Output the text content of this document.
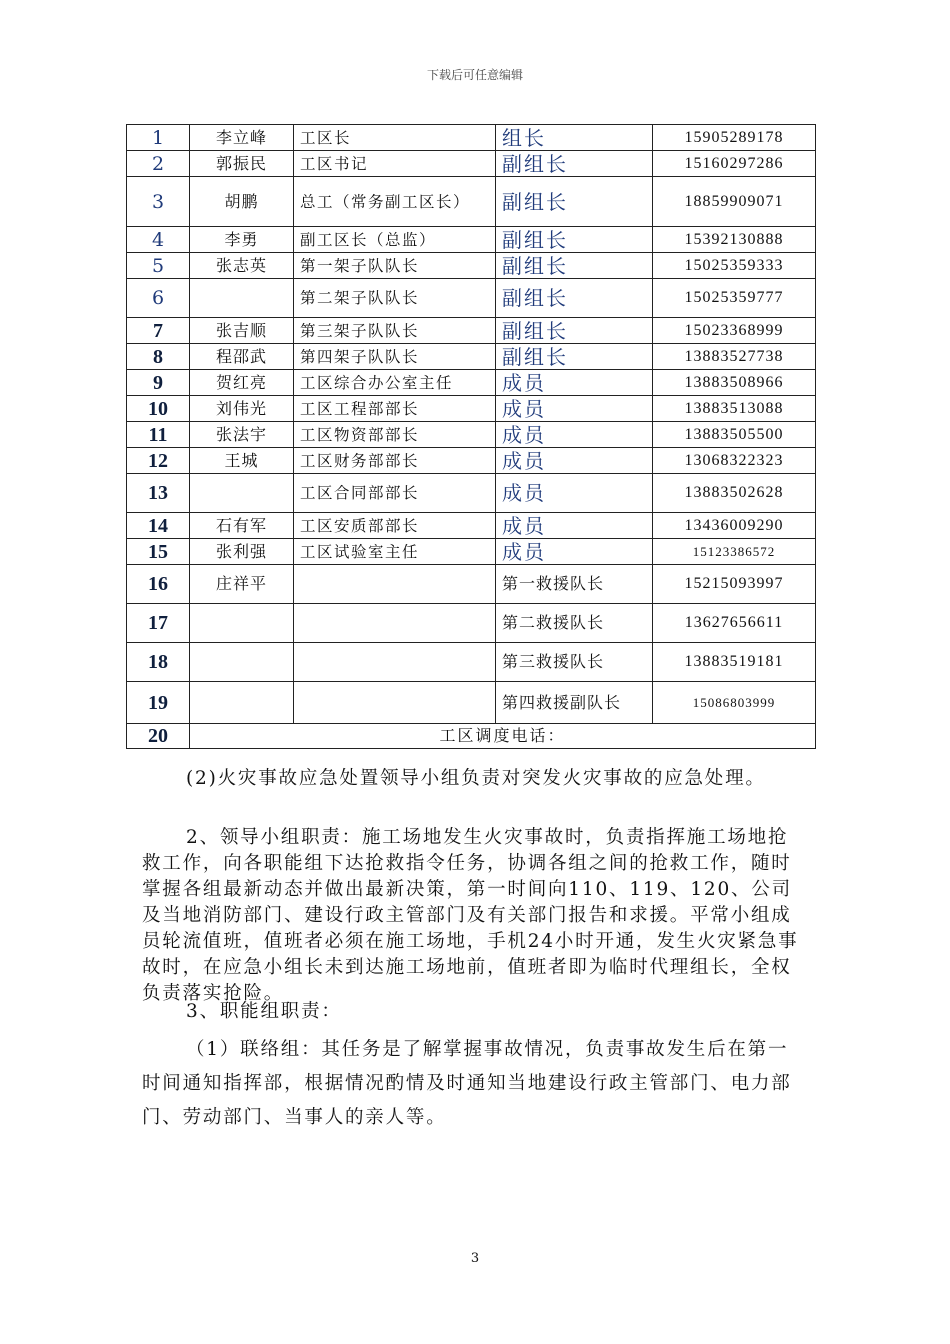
下载后可任意编辑
1	李立峰	工区长	组长	15905289178
2	郭振民	工区书记	副组长	15160297286
3	胡鹏	总工（常务副工区长）	副组长	18859909071
4	李勇	副工区长（总监）	副组长	15392130888
5	张志英	第一架子队队长	副组长	15025359333
6		第二架子队队长	副组长	15025359777
7	张吉顺	第三架子队队长	副组长	15023368999
8	程邵武	第四架子队队长	副组长	13883527738
9	贺红亮	工区综合办公室主任	成员	13883508966
10	刘伟光	工区工程部部长	成员	13883513088
11	张法宇	工区物资部部长	成员	13883505500
12	王城	工区财务部部长	成员	13068322323
13		工区合同部部长	成员	13883502628
14	石有军	工区安质部部长	成员	13436009290
15	张利强	工区试验室主任	成员	15123386572
16	庄祥平		第一救援队长	15215093997
17			第二救援队长	13627656611
18			第三救援队长	13883519181
19			第四救援副队长	15086803999
20	工区调度电话：			
(2)火灾事故应急处置领导小组负责对突发火灾事故的应急处理。
2、领导小组职责：施工场地发生火灾事故时，负责指挥施工场地抢救工作，向各职能组下达抢救指令任务，协调各组之间的抢救工作，随时掌握各组最新动态并做出最新决策，第一时间向110、119、120、公司及当地消防部门、建设行政主管部门及有关部门报告和求援。平常小组成员轮流值班，值班者必须在施工场地，手机24小时开通，发生火灾紧急事故时，在应急小组长未到达施工场地前，值班者即为临时代理组长，全权负责落实抢险。
3、职能组职责：
（1）联络组：其任务是了解掌握事故情况，负责事故发生后在第一时间通知指挥部，根据情况酌情及时通知当地建设行政主管部门、电力部门、劳动部门、当事人的亲人等。
3
